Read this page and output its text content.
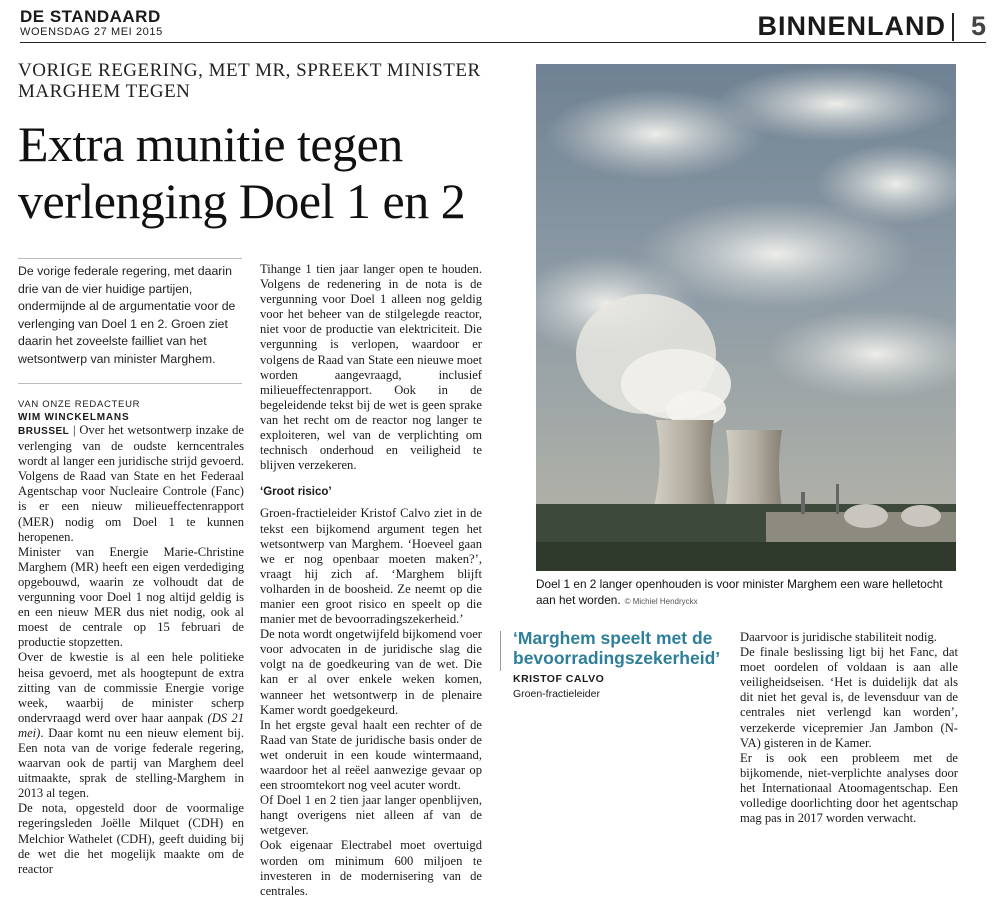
DE STANDAARD
WOENSDAG 27 MEI 2015	BINNENLAND 5
VORIGE REGERING, MET MR, SPREEKT MINISTER MARGHEM TEGEN
Extra munitie tegen verlenging Doel 1 en 2
De vorige federale regering, met daarin drie van de vier huidige partijen, ondermijnde al de argumentatie voor de verlenging van Doel 1 en 2. Groen ziet daarin het zoveelste failliet van het wetsontwerp van minister Marghem.
VAN ONZE REDACTEUR
WIM WINCKELMANS

BRUSSEL | Over het wetsontwerp inzake de verlenging van de oudste kerncentrales wordt al langer een juridische strijd gevoerd. Volgens de Raad van State en het Federaal Agentschap voor Nucleaire Controle (Fanc) is er een nieuw milieueffectenrapport (MER) nodig om Doel 1 te kunnen heropenen.

Minister van Energie Marie-Christine Marghem (MR) heeft een eigen verdediging opgebouwd, waarin ze volhoudt dat de vergunning voor Doel 1 nog altijd geldig is en een nieuw MER dus niet nodig, ook al moest de centrale op 15 februari de productie stopzetten.

Over de kwestie is al een hele politieke heisa gevoerd, met als hoogtepunt de extra zitting van de commissie Energie vorige week, waarbij de minister scherp ondervraagd werd over haar aanpak (DS 21 mei). Daar komt nu een nieuw element bij. Een nota van de vorige federale regering, waarvan ook de partij van Marghem deel uitmaakte, sprak de stelling-Marghem in 2013 al tegen.

De nota, opgesteld door de voormalige regeringsleden Joëlle Milquet (CDH) en Melchior Wathelet (CDH), geeft duiding bij de wet die het mogelijk maakte om de reactor

Tihange 1 tien jaar langer open te houden. Volgens de redenering in de nota is de vergunning voor Doel 1 alleen nog geldig voor het beheer van de stilgelegde reactor, niet voor de productie van elektriciteit. Die vergunning is verlopen, waardoor er volgens de Raad van State een nieuwe moet worden aangevraagd, inclusief milieueffectenrapport. Ook in de begeleidende tekst bij de wet is geen sprake van het recht om de reactor nog langer te exploiteren, wel van de verplichting om technisch onderhoud en veiligheid te blijven verzekeren.

‘Groot risico’

Groen-fractieleider Kristof Calvo ziet in de tekst een bijkomend argument tegen het wetsontwerp van Marghem. ‘Hoeveel gaan we er nog openbaar moeten maken?’, vraagt hij zich af. ‘Marghem blijft volharden in de boosheid. Ze neemt op die manier een groot risico en speelt op die manier met de bevoorradingszekerheid.’

De nota wordt ongetwijfeld bijkomend voer voor advocaten in de juridische slag die volgt na de goedkeuring van de wet. Die kan er al over enkele weken komen, wanneer het wetsontwerp in de plenaire Kamer wordt goedgekeurd.

In het ergste geval haalt een rechter of de Raad van State de juridische basis onder de wet onderuit in een koude wintermaand, waardoor het al reëel aanwezige gevaar op een stroomtekort nog veel acuter wordt.

Of Doel 1 en 2 tien jaar langer openblijven, hangt overigens niet alleen af van de wetgever.

Ook eigenaar Electrabel moet overtuigd worden om minimum 600 miljoen te investeren in de modernisering van de centrales.

Doel 1 en 2 langer openhouden is voor minister Marghem een ware helletocht aan het worden. © Michiel Hendryckx
‘Marghem speelt met de bevoorradingszekerheid’
KRISTOF CALVO
Groen-fractieleider

Daarvoor is juridische stabiliteit nodig.

De finale beslissing ligt bij het Fanc, dat moet oordelen of voldaan is aan alle veiligheidseisen. ‘Het is duidelijk dat als dit niet het geval is, de levensduur van de centrales niet verlengd kan worden’, verzekerde vicepremier Jan Jambon (N-VA) gisteren in de Kamer.

Er is ook een probleem met de bijkomende, niet-verplichte analyses door het Internationaal Atoomagentschap. Een volledige doorlichting door het agentschap mag pas in 2017 worden verwacht.
